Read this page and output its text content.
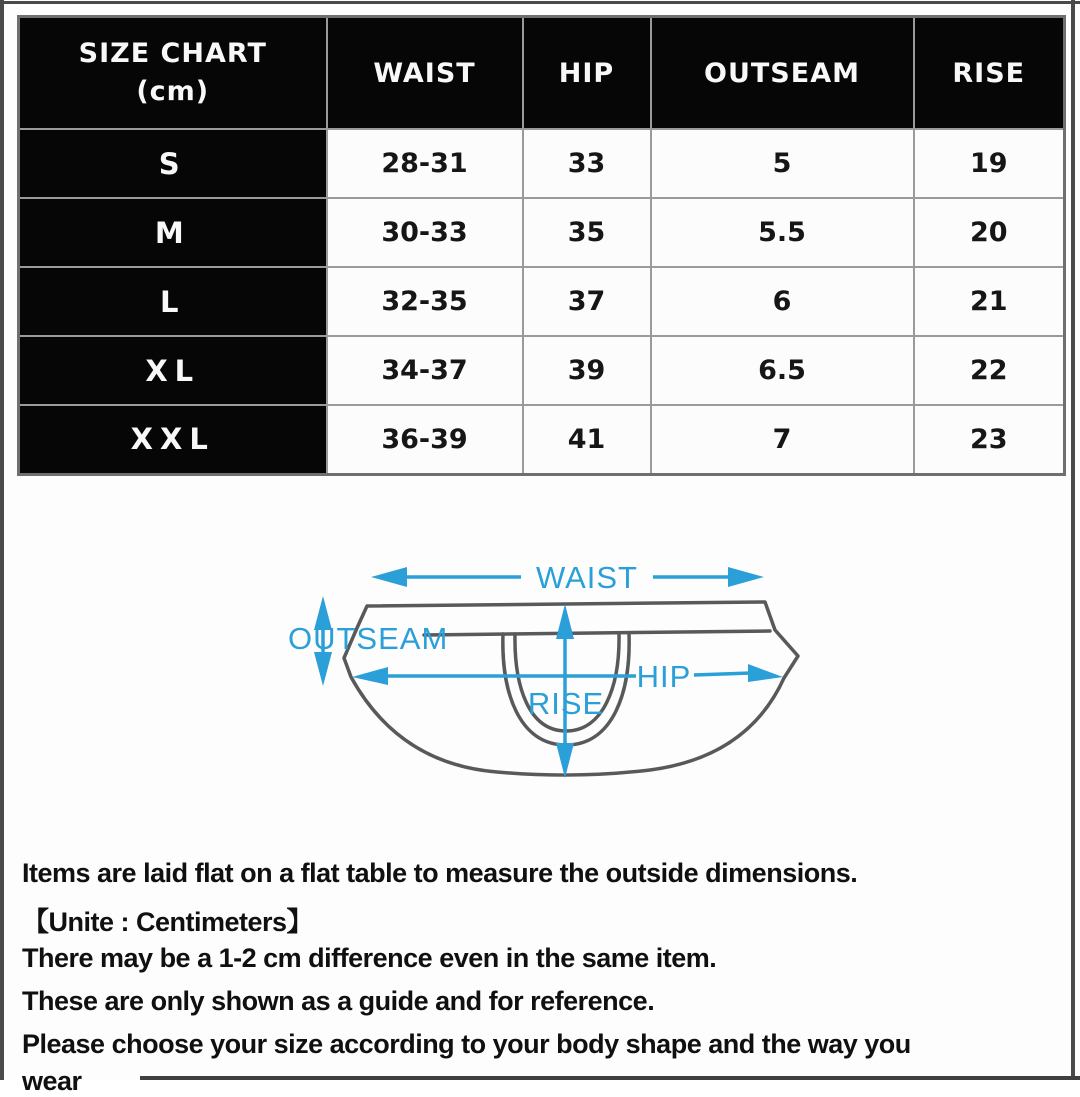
SIZE CHART
(cm)	WAIST	HIP	OUTSEAM	RISE
S	28-31	33	5	19
M	30-33	35	5.5	20
L	32-35	37	6	21
XL	34-37	39	6.5	22
XXL	36-39	41	7	23
WAIST
OUTSEAM
HIP
RISE
Items are laid flat on a flat table to measure the outside dimensions.
【Unite : Centimeters】
There may be a 1-2 cm difference even in the same item.
These are only shown as a guide and for reference.
Please choose your size according to your body shape and the way you
wear
